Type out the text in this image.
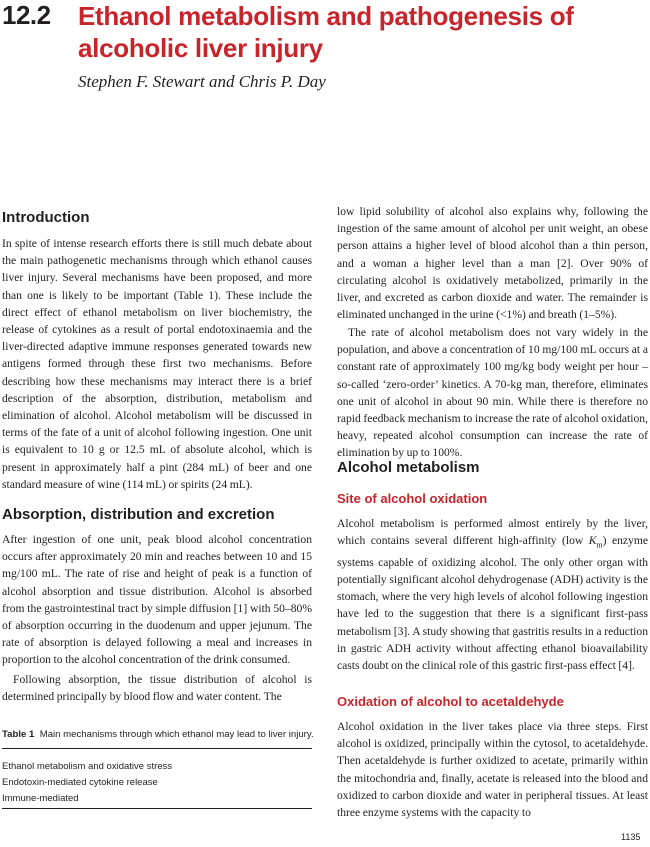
12.2 Ethanol metabolism and pathogenesis of alcoholic liver injury
Stephen F. Stewart and Chris P. Day
Introduction

In spite of intense research efforts there is still much debate about the main pathogenetic mechanisms through which ethanol causes liver injury. Several mechanisms have been proposed, and more than one is likely to be important (Table 1). These include the direct effect of ethanol metabolism on liver biochemistry, the release of cytokines as a result of portal endotoxinaemia and the liver-directed adaptive immune responses generated towards new antigens formed through these first two mechanisms. Before describing how these mechanisms may interact there is a brief description of the absorption, distribution, metabolism and elimination of alcohol. Alcohol metabolism will be discussed in terms of the fate of a unit of alcohol following ingestion. One unit is equivalent to 10 g or 12.5 mL of absolute alcohol, which is present in approximately half a pint (284 mL) of beer and one standard measure of wine (114 mL) or spirits (24 mL).

Absorption, distribution and excretion

After ingestion of one unit, peak blood alcohol concentration occurs after approximately 20 min and reaches between 10 and 15 mg/100 mL. The rate of rise and height of peak is a function of alcohol absorption and tissue distribution. Alcohol is absorbed from the gastrointestinal tract by simple diffusion [1] with 50–80% of absorption occurring in the duodenum and upper jejunum. The rate of absorption is delayed following a meal and increases in proportion to the alcohol concentration of the drink consumed.

Following absorption, the tissue distribution of alcohol is determined principally by blood flow and water content. The

Table 1 Main mechanisms through which ethanol may lead to liver injury.
Ethanol metabolism and oxidative stress
Endotoxin-mediated cytokine release
Immune-mediated

low lipid solubility of alcohol also explains why, following the ingestion of the same amount of alcohol per unit weight, an obese person attains a higher level of blood alcohol than a thin person, and a woman a higher level than a man [2]. Over 90% of circulating alcohol is oxidatively metabolized, primarily in the liver, and excreted as carbon dioxide and water. The remainder is eliminated unchanged in the urine (<1%) and breath (1–5%).

The rate of alcohol metabolism does not vary widely in the population, and above a concentration of 10 mg/100 mL occurs at a constant rate of approximately 100 mg/kg body weight per hour – so-called ‘zero-order’ kinetics. A 70-kg man, therefore, eliminates one unit of alcohol in about 90 min. While there is therefore no rapid feedback mechanism to increase the rate of alcohol oxidation, heavy, repeated alcohol consumption can increase the rate of elimination by up to 100%.

Alcohol metabolism
Site of alcohol oxidation

Alcohol metabolism is performed almost entirely by the liver, which contains several different high-affinity (low $K_m$) enzyme systems capable of oxidizing alcohol. The only other organ with potentially significant alcohol dehydrogenase (ADH) activity is the stomach, where the very high levels of alcohol following ingestion have led to the suggestion that there is a significant first-pass metabolism [3]. A study showing that gastritis results in a reduction in gastric ADH activity without affecting ethanol bioavailability casts doubt on the clinical role of this gastric first-pass effect [4].

Oxidation of alcohol to acetaldehyde

Alcohol oxidation in the liver takes place via three steps. First alcohol is oxidized, principally within the cytosol, to acetaldehyde. Then acetaldehyde is further oxidized to acetate, primarily within the mitochondria and, finally, acetate is released into the blood and oxidized to carbon dioxide and water in peripheral tissues. At least three enzyme systems with the capacity to

1135
